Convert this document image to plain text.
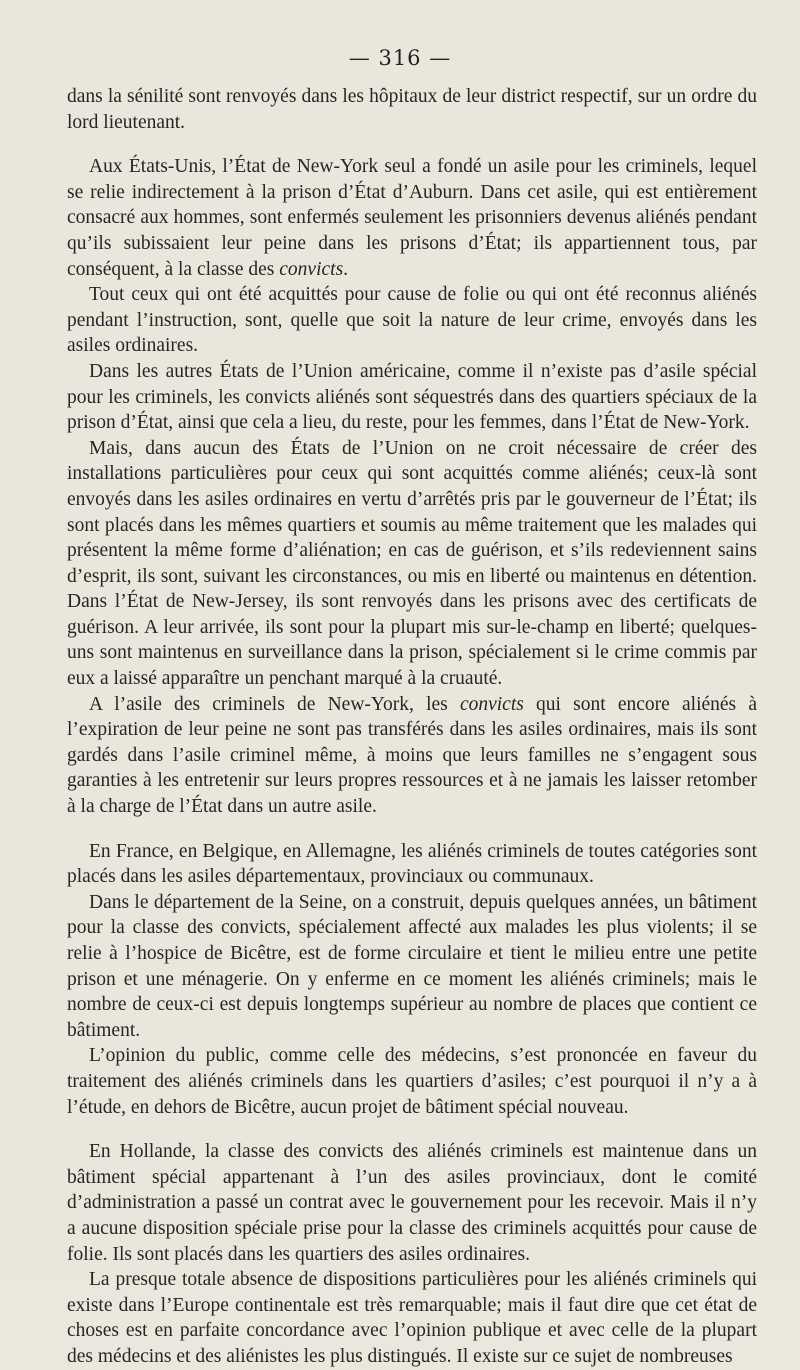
— 316 —

dans la sénilité sont renvoyés dans les hôpitaux de leur district respectif, sur un ordre du lord lieutenant.

Aux États-Unis, l’État de New-York seul a fondé un asile pour les criminels, lequel se relie indirectement à la prison d’État d’Auburn. Dans cet asile, qui est entièrement consacré aux hommes, sont enfermés seulement les prisonniers devenus aliénés pendant qu’ils subissaient leur peine dans les prisons d’État; ils appartiennent tous, par conséquent, à la classe des convicts.

Tout ceux qui ont été acquittés pour cause de folie ou qui ont été reconnus aliénés pendant l’instruction, sont, quelle que soit la nature de leur crime, envoyés dans les asiles ordinaires.

Dans les autres États de l’Union américaine, comme il n’existe pas d’asile spécial pour les criminels, les convicts aliénés sont séquestrés dans des quartiers spéciaux de la prison d’État, ainsi que cela a lieu, du reste, pour les femmes, dans l’État de New-York.

Mais, dans aucun des États de l’Union on ne croit nécessaire de créer des installations particulières pour ceux qui sont acquittés comme aliénés; ceux-là sont envoyés dans les asiles ordinaires en vertu d’arrêtés pris par le gouverneur de l’État; ils sont placés dans les mêmes quartiers et soumis au même traitement que les malades qui présentent la même forme d’aliénation; en cas de guérison, et s’ils redeviennent sains d’esprit, ils sont, suivant les circonstances, ou mis en liberté ou maintenus en détention. Dans l’État de New-Jersey, ils sont renvoyés dans les prisons avec des certificats de guérison. A leur arrivée, ils sont pour la plupart mis sur-le-champ en liberté; quelques-uns sont maintenus en surveillance dans la prison, spécialement si le crime commis par eux a laissé apparaître un penchant marqué à la cruauté.

A l’asile des criminels de New-York, les convicts qui sont encore aliénés à l’expiration de leur peine ne sont pas transférés dans les asiles ordinaires, mais ils sont gardés dans l’asile criminel même, à moins que leurs familles ne s’engagent sous garanties à les entretenir sur leurs propres ressources et à ne jamais les laisser retomber à la charge de l’État dans un autre asile.

En France, en Belgique, en Allemagne, les aliénés criminels de toutes catégories sont placés dans les asiles départementaux, provinciaux ou communaux.

Dans le département de la Seine, on a construit, depuis quelques années, un bâtiment pour la classe des convicts, spécialement affecté aux malades les plus violents; il se relie à l’hospice de Bicêtre, est de forme circulaire et tient le milieu entre une petite prison et une ménagerie. On y enferme en ce moment les aliénés criminels; mais le nombre de ceux-ci est depuis longtemps supérieur au nombre de places que contient ce bâtiment.

L’opinion du public, comme celle des médecins, s’est prononcée en faveur du traitement des aliénés criminels dans les quartiers d’asiles; c’est pourquoi il n’y a à l’étude, en dehors de Bicêtre, aucun projet de bâtiment spécial nouveau.

En Hollande, la classe des convicts des aliénés criminels est maintenue dans un bâtiment spécial appartenant à l’un des asiles provinciaux, dont le comité d’administration a passé un contrat avec le gouvernement pour les recevoir. Mais il n’y a aucune disposition spéciale prise pour la classe des criminels acquittés pour cause de folie. Ils sont placés dans les quartiers des asiles ordinaires.

La presque totale absence de dispositions particulières pour les aliénés criminels qui existe dans l’Europe continentale est très remarquable; mais il faut dire que cet état de choses est en parfaite concordance avec l’opinion publique et avec celle de la plupart des médecins et des aliénistes les plus distingués. Il existe sur ce sujet de nombreuses
